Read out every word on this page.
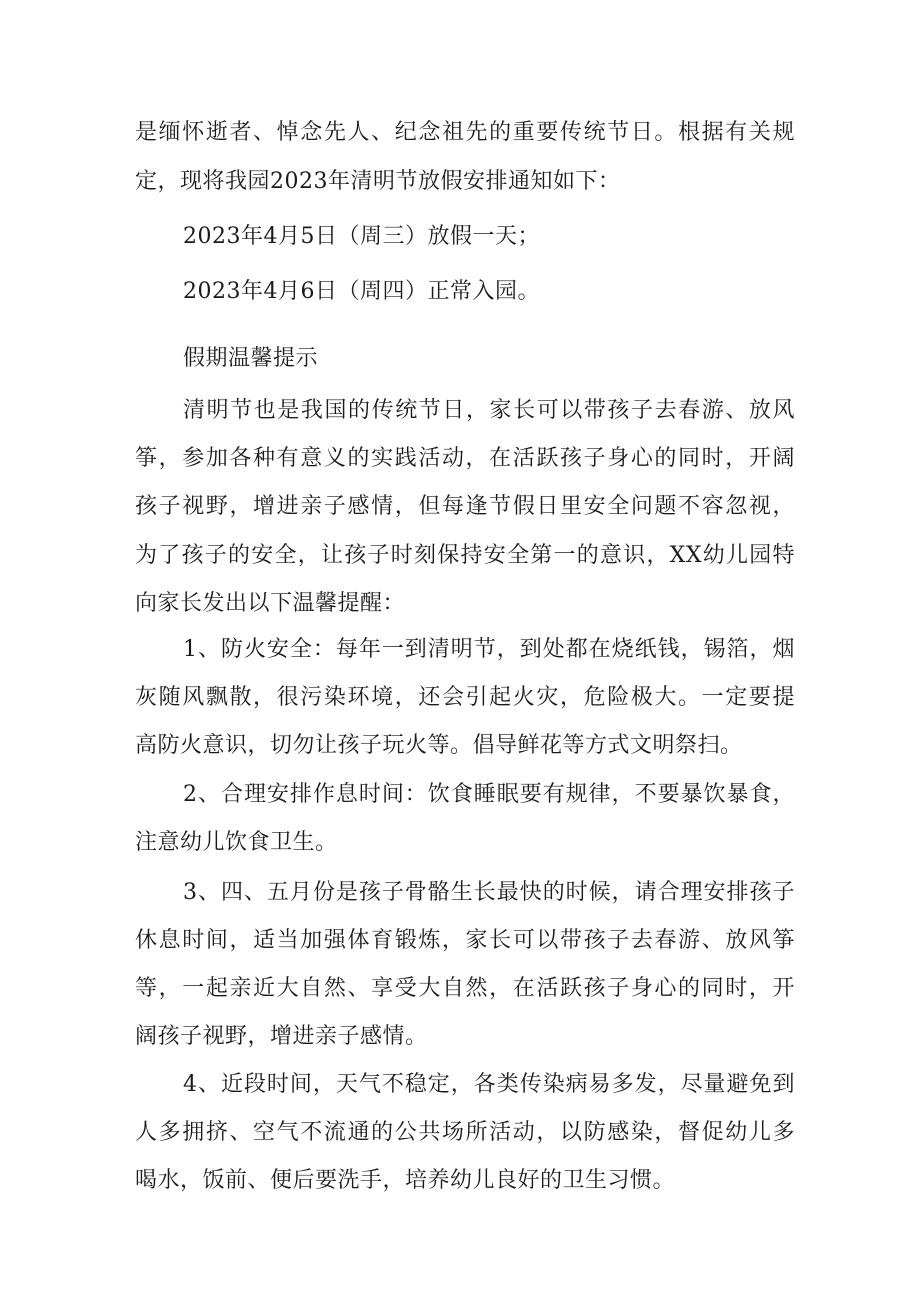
是缅怀逝者、悼念先人、纪念祖先的重要传统节日。根据有关规

定，现将我园2023年清明节放假安排通知如下：

2023年4月5日（周三）放假一天；

2023年4月6日（周四）正常入园。

假期温馨提示

清明节也是我国的传统节日，家长可以带孩子去春游、放风

筝，参加各种有意义的实践活动，在活跃孩子身心的同时，开阔

孩子视野，增进亲子感情，但每逢节假日里安全问题不容忽视，

为了孩子的安全，让孩子时刻保持安全第一的意识，XX幼儿园特

向家长发出以下温馨提醒：

1、防火安全：每年一到清明节，到处都在烧纸钱，锡箔，烟

灰随风飘散，很污染环境，还会引起火灾，危险极大。一定要提

高防火意识，切勿让孩子玩火等。倡导鲜花等方式文明祭扫。

2、合理安排作息时间：饮食睡眠要有规律，不要暴饮暴食，

注意幼儿饮食卫生。

3、四、五月份是孩子骨骼生长最快的时候，请合理安排孩子

休息时间，适当加强体育锻炼，家长可以带孩子去春游、放风筝

等，一起亲近大自然、享受大自然，在活跃孩子身心的同时，开

阔孩子视野，增进亲子感情。

4、近段时间，天气不稳定，各类传染病易多发，尽量避免到

人多拥挤、空气不流通的公共场所活动，以防感染，督促幼儿多

喝水，饭前、便后要洗手，培养幼儿良好的卫生习惯。
